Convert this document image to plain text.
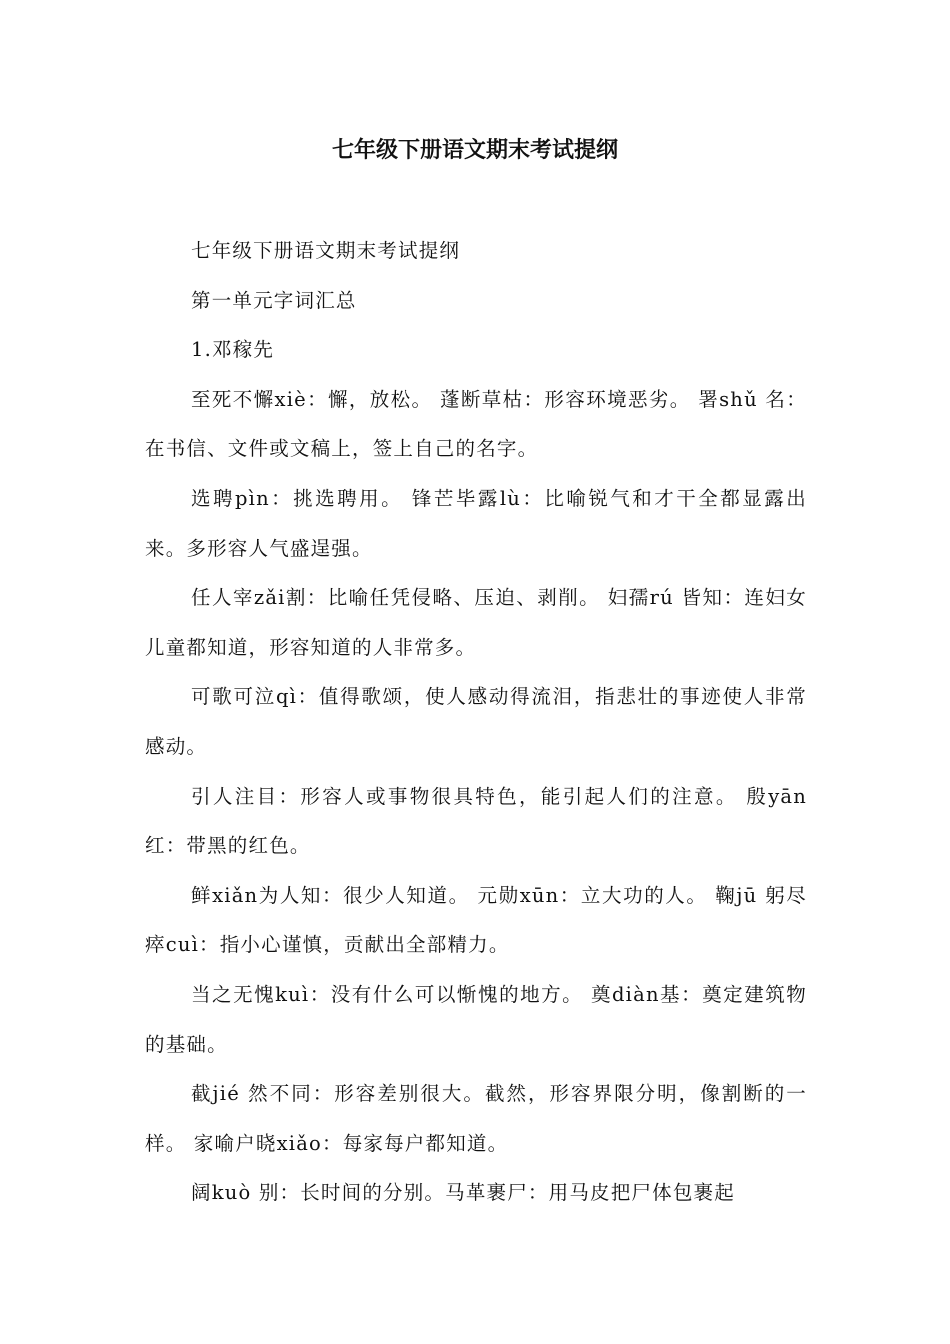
七年级下册语文期末考试提纲

七年级下册语文期末考试提纲

第一单元字词汇总

1.邓稼先

至死不懈xiè：懈，放松。 蓬断草枯：形容环境恶劣。 署shǔ 名：在书信、文件或文稿上，签上自己的名字。

选聘pìn：挑选聘用。 锋芒毕露lù：比喻锐气和才干全都显露出来。多形容人气盛逞强。

任人宰zǎi割：比喻任凭侵略、压迫、剥削。 妇孺rú 皆知：连妇女儿童都知道，形容知道的人非常多。

可歌可泣qì：值得歌颂，使人感动得流泪，指悲壮的事迹使人非常感动。

引人注目：形容人或事物很具特色，能引起人们的注意。 殷yān红：带黑的红色。

鲜xiǎn为人知：很少人知道。 元勋xūn：立大功的人。 鞠jū 躬尽瘁cuì：指小心谨慎，贡献出全部精力。

当之无愧kuì：没有什么可以惭愧的地方。 奠diàn基：奠定建筑物的基础。

截jié 然不同：形容差别很大。截然，形容界限分明，像割断的一样。 家喻户晓xiǎo：每家每户都知道。

阔kuò 别：长时间的分别。马革裹尸：用马皮把尸体包裹起
